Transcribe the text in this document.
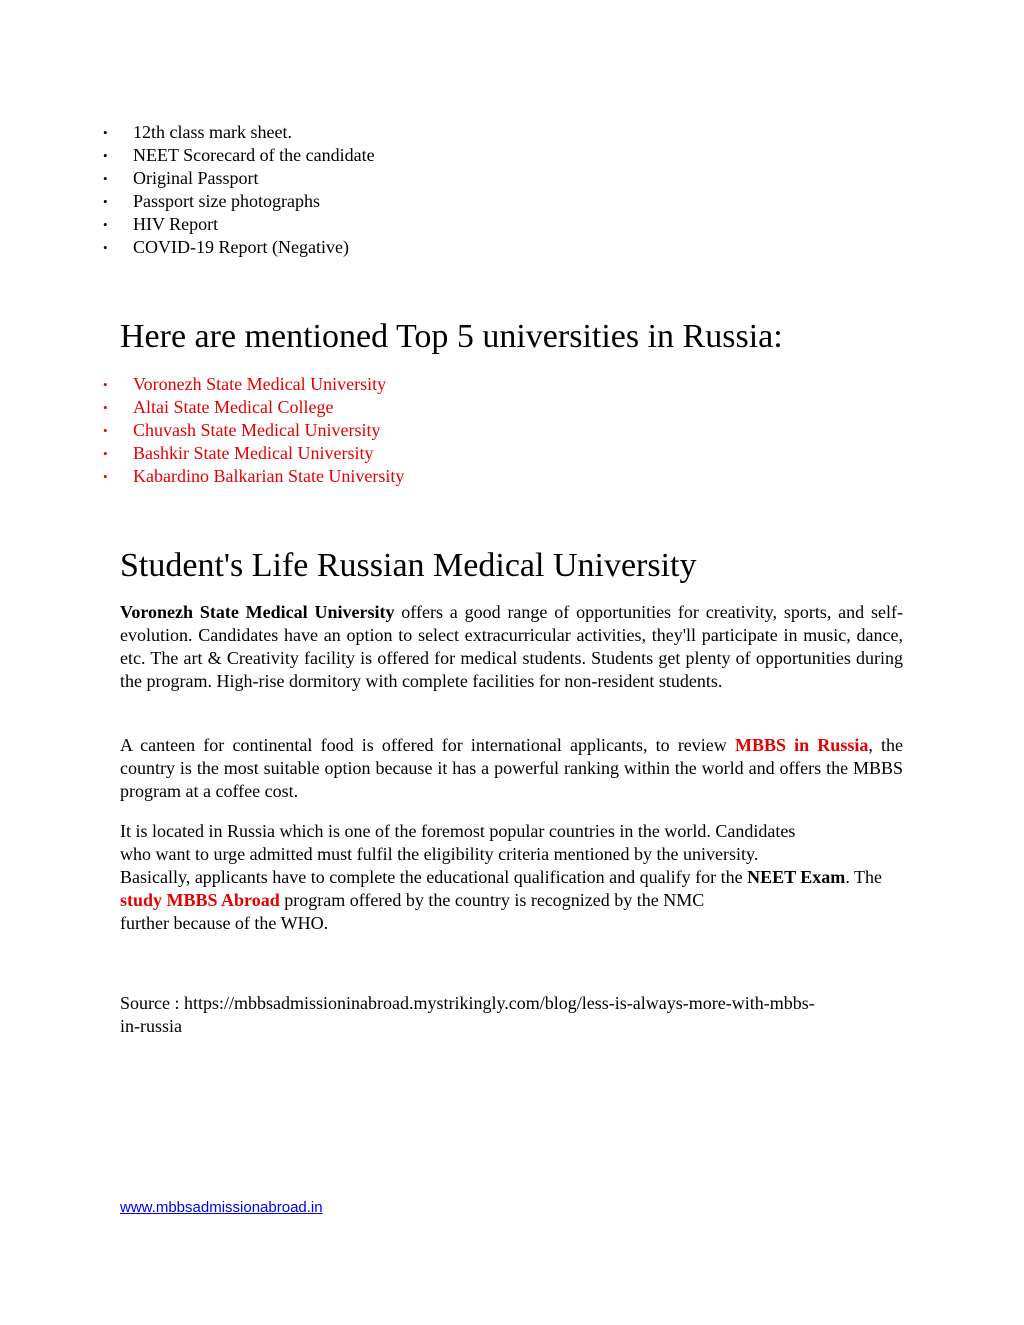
•	12th class mark sheet.
•	NEET Scorecard of the candidate
•	Original Passport
•	Passport size photographs
•	HIV Report
•	COVID-19 Report (Negative)
Here are mentioned Top 5 universities in Russia:
•	Voronezh State Medical University
•	Altai State Medical College
•	Chuvash State Medical University
•	Bashkir State Medical University
•	Kabardino Balkarian State University
Student's Life Russian Medical University

Voronezh State Medical University offers a good range of opportunities for creativity, sports, and self-evolution. Candidates have an option to select extracurricular activities, they'll participate in music, dance, etc. The art & Creativity facility is offered for medical students. Students get plenty of opportunities during the program. High-rise dormitory with complete facilities for non-resident students.

A canteen for continental food is offered for international applicants, to review MBBS in Russia, the country is the most suitable option because it has a powerful ranking within the world and offers the MBBS program at a coffee cost.

It is located in Russia which is one of the foremost popular countries in the world. Candidates
who want to urge admitted must fulfil the eligibility criteria mentioned by the university.
Basically, applicants have to complete the educational qualification and qualify for the NEET Exam. The study MBBS Abroad program offered by the country is recognized by the NMC
further because of the WHO.

Source : https://mbbsadmissioninabroad.mystrikingly.com/blog/less-is-always-more-with-mbbs-
in-russia

www.mbbsadmissionabroad.in
